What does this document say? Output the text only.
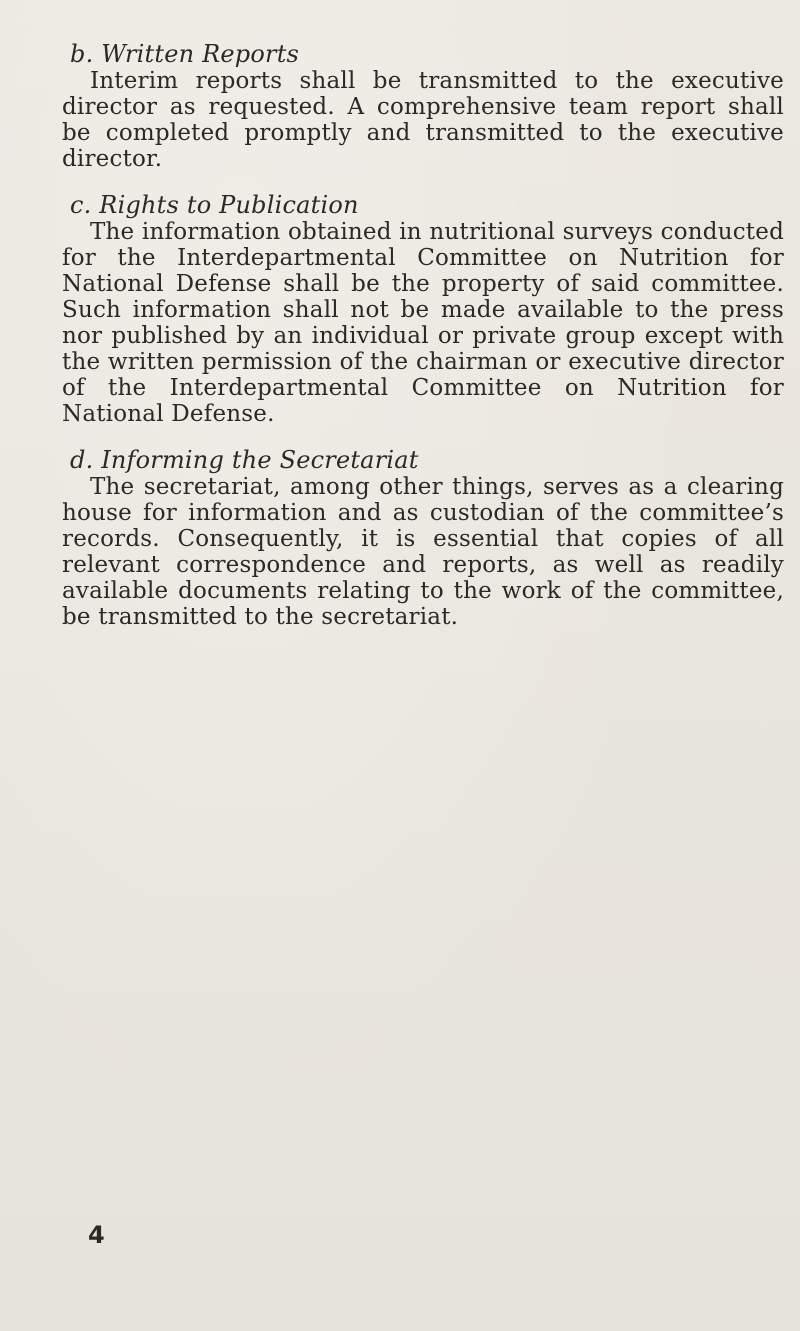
b. Written Reports

Interim reports shall be transmitted to the executive director as requested. A comprehensive team report shall be completed promptly and transmitted to the executive director.

c. Rights to Publication

The information obtained in nutritional surveys conducted for the Interdepartmental Committee on Nutrition for National Defense shall be the property of said committee. Such information shall not be made available to the press nor published by an individual or private group except with the written permission of the chairman or executive director of the Interdepartmental Committee on Nutrition for National Defense.

d. Informing the Secretariat

The secretariat, among other things, serves as a clearing house for information and as custodian of the committee’s records. Consequently, it is essential that copies of all relevant correspondence and reports, as well as readily available documents relating to the work of the committee, be transmitted to the secretariat.

4
